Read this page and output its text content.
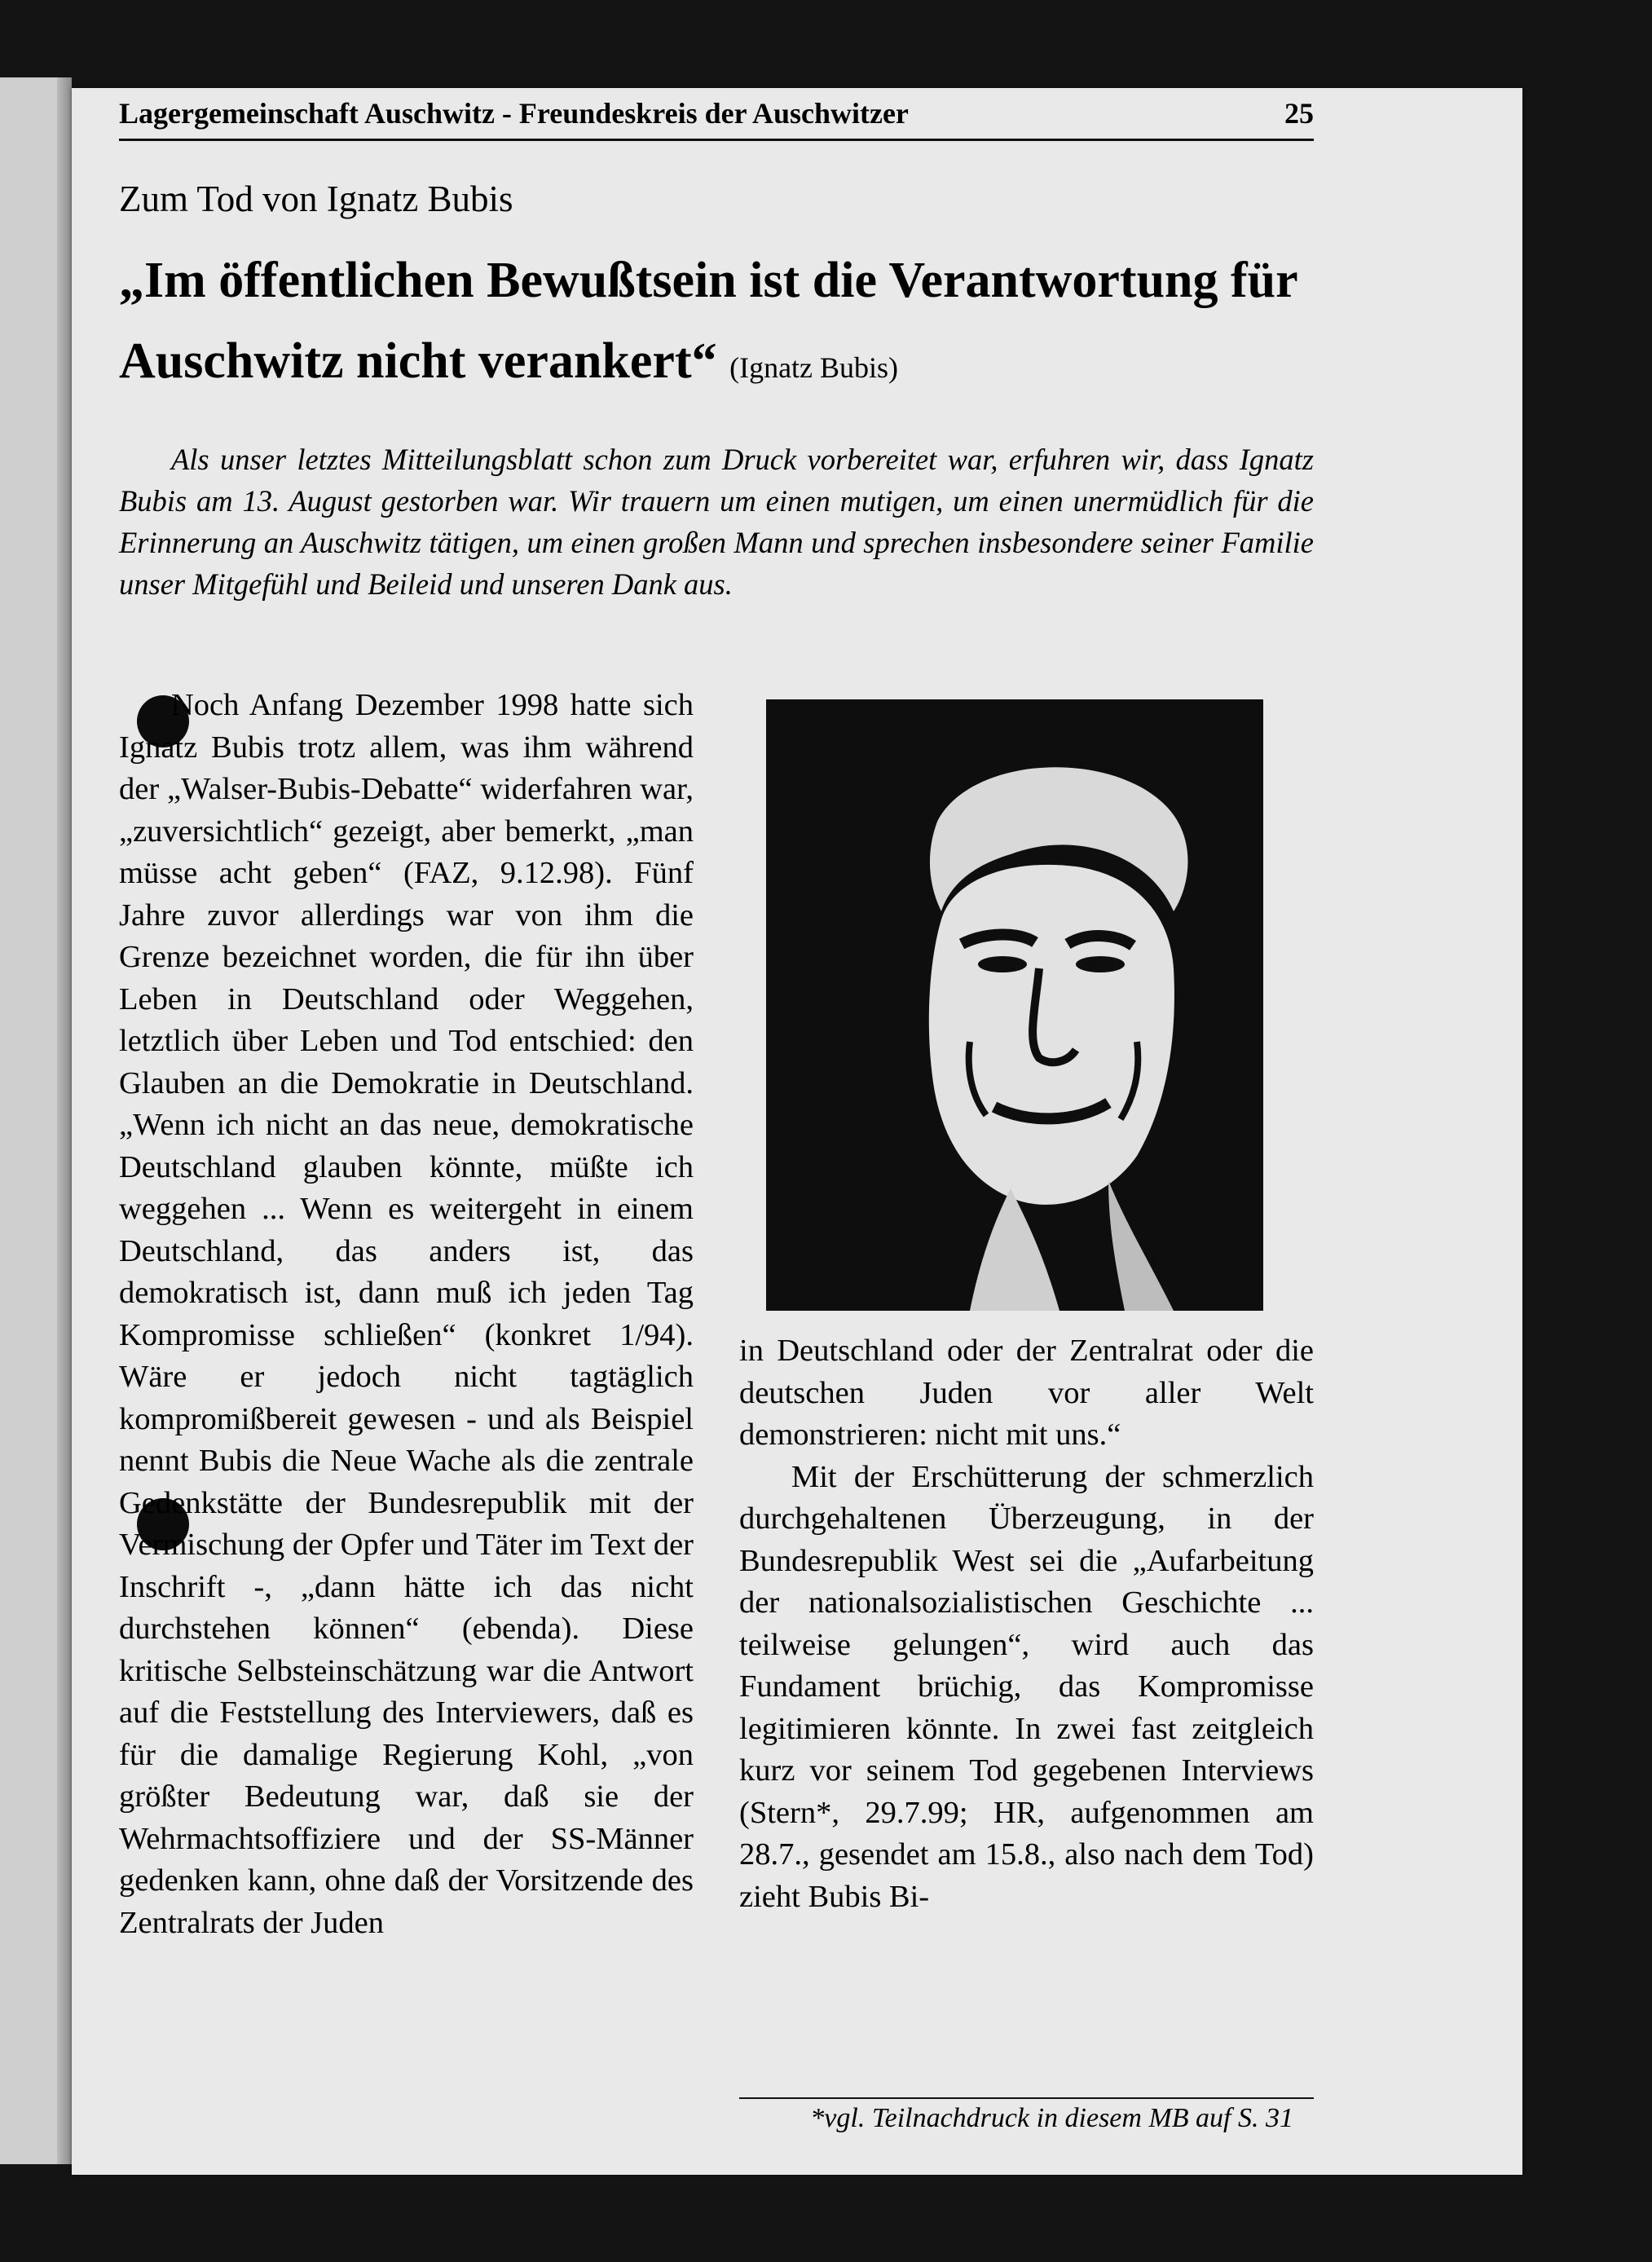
Lagergemeinschaft Auschwitz - Freundeskreis der Auschwitzer	25
Zum Tod von Ignatz Bubis
„Im öffentlichen Bewußtsein ist die Verantwortung für Auschwitz nicht verankert“ (Ignatz Bubis)
Als unser letztes Mitteilungsblatt schon zum Druck vorbereitet war, erfuhren wir, dass Ignatz Bubis am 13. August gestorben war. Wir trauern um einen mutigen, um einen unermüdlich für die Erinnerung an Auschwitz tätigen, um einen großen Mann und sprechen insbesondere seiner Familie unser Mitgefühl und Beileid und unseren Dank aus.
Noch Anfang Dezember 1998 hatte sich Ignatz Bubis trotz allem, was ihm während der „Walser-Bubis-Debatte“ widerfahren war, „zuversichtlich“ gezeigt, aber bemerkt, „man müsse acht geben“ (FAZ, 9.12.98). Fünf Jahre zuvor allerdings war von ihm die Grenze bezeichnet worden, die für ihn über Leben in Deutschland oder Weggehen, letztlich über Leben und Tod entschied: den Glauben an die Demokratie in Deutschland. „Wenn ich nicht an das neue, demokratische Deutschland glauben könnte, müßte ich weggehen ... Wenn es weitergeht in einem Deutschland, das anders ist, das demokratisch ist, dann muß ich jeden Tag Kompromisse schließen“ (konkret 1/94). Wäre er jedoch nicht tagtäglich kompromißbereit gewesen - und als Beispiel nennt Bubis die Neue Wache als die zentrale Gedenkstätte der Bundesrepublik mit der Vermischung der Opfer und Täter im Text der Inschrift -, „dann hätte ich das nicht durchstehen können“ (ebenda). Diese kritische Selbsteinschätzung war die Antwort auf die Feststellung des Interviewers, daß es für die damalige Regierung Kohl, „von größter Bedeutung war, daß sie der Wehrmachtsoffiziere und der SS-Männer gedenken kann, ohne daß der Vorsitzende des Zentralrats der Juden

in Deutschland oder der Zentralrat oder die deutschen Juden vor aller Welt demonstrieren: nicht mit uns.“

Mit der Erschütterung der schmerzlich durchgehaltenen Überzeugung, in der Bundesrepublik West sei die „Aufarbeitung der nationalsozialistischen Geschichte ... teilweise gelungen“, wird auch das Fundament brüchig, das Kompromisse legitimieren könnte. In zwei fast zeitgleich kurz vor seinem Tod gegebenen Interviews (Stern*, 29.7.99; HR, aufgenommen am 28.7., gesendet am 15.8., also nach dem Tod) zieht Bubis Bi-

*vgl. Teilnachdruck in diesem MB auf S. 31
